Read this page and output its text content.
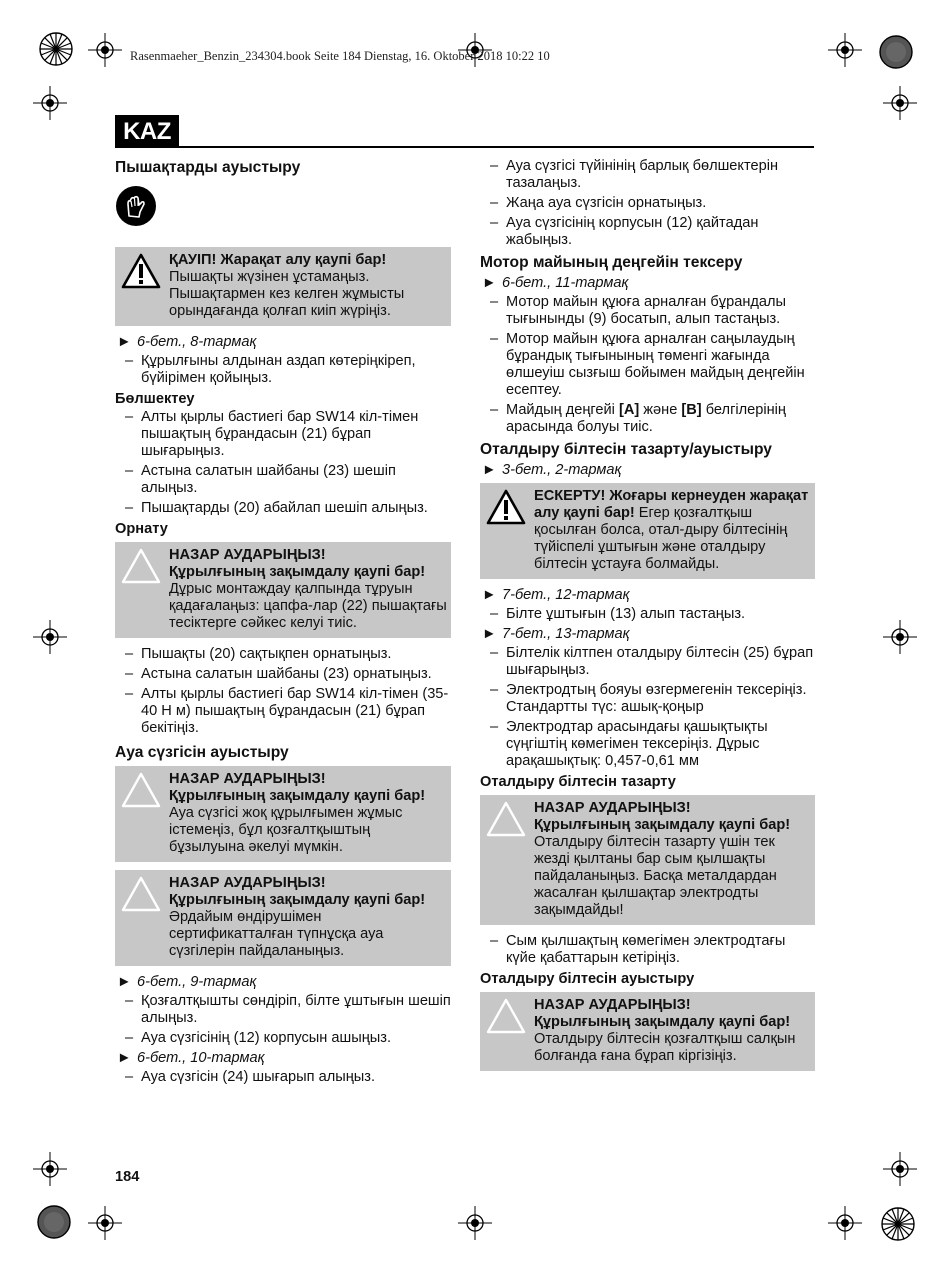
Rasenmaeher_Benzin_234304.book Seite 184 Dienstag, 16. Oktober 2018 10:22 10
KAZ
Пышақтарды ауыстыру
ҚАУІП! Жарақат алу қаупі бар!
Пышақты жүзінен ұстамаңыз. Пышақтармен кез келген жұмысты орындағанда қолғап киіп жүріңіз.
► 6-бет., 8-тармақ
– Құрылғыны алдынан аздап көтеріңкіреп, бүйірімен қойыңыз.
Бөлшектеу
– Алты қырлы бастиегі бар SW14 кіл-тімен пышақтың бұрандасын (21) бұрап шығарыңыз.
– Астына салатын шайбаны (23) шешіп алыңыз.
– Пышақтарды (20) абайлап шешіп алыңыз.
Орнату
НАЗАР АУДАРЫҢЫЗ!
Құрылғының зақымдалу қаупі бар! Дұрыс монтаждау қалпында тұруын қадағалаңыз: цапфа-лар (22) пышақтағы тесіктерге сәйкес келуі тиіс.
– Пышақты (20) сақтықпен орнатыңыз.
– Астына салатын шайбаны (23) орнатыңыз.
– Алты қырлы бастиегі бар SW14 кіл-тімен (35-40 Н м) пышақтың бұрандасын (21) бұрап бекітіңіз.
Ауа сүзгісін ауыстыру
НАЗАР АУДАРЫҢЫЗ!
Құрылғының зақымдалу қаупі бар! Ауа сүзгісі жоқ құрылғымен жұмыс істемеңіз, бұл қозғалтқыштың бұзылуына әкелуі мүмкін.
НАЗАР АУДАРЫҢЫЗ!
Құрылғының зақымдалу қаупі бар! Әрдайым өндірушімен сертификатталған түпнұсқа ауа сүзгілерін пайдаланыңыз.
► 6-бет., 9-тармақ
– Қозғалтқышты сөндіріп, білте ұштығын шешіп алыңыз.
– Ауа сүзгісінің (12) корпусын ашыңыз.
► 6-бет., 10-тармақ
– Ауа сүзгісін (24) шығарып алыңыз.
– Ауа сүзгісі түйінінің барлық бөлшектерін тазалаңыз.
– Жаңа ауа сүзгісін орнатыңыз.
– Ауа сүзгісінің корпусын (12) қайтадан жабыңыз.
Мотор майының деңгейін тексеру
► 6-бет., 11-тармақ
– Мотор майын құюға арналған бұрандалы тығынынды (9) босатып, алып тастаңыз.
– Мотор майын құюға арналған саңылаудың бұрандық тығынының төменгі жағында өлшеуіш сызғыш бойымен майдың деңгейін есептеу.
– Майдың деңгейі [A] және [B] белгілерінің арасында болуы тиіс.
Оталдыру білтесін тазарту/ауыстыру
► 3-бет., 2-тармақ
ЕСКЕРТУ! Жоғары кернеуден жарақат алу қаупі бар! Егер қозғалтқыш қосылған болса, отал-дыру білтесінің түйіспелі ұштығын және оталдыру білтесін ұстауға болмайды.
► 7-бет., 12-тармақ
– Білте ұштығын (13) алып тастаңыз.
► 7-бет., 13-тармақ
– Білтелік кілтпен оталдыру білтесін (25) бұрап шығарыңыз.
– Электродтың бояуы өзгермегенін тексеріңіз. Стандартты түс: ашық-қоңыр
– Электродтар арасындағы қашықтықты сүңгіштің көмегімен тексеріңіз. Дұрыс арақашықтық: 0,457-0,61 мм
Оталдыру білтесін тазарту
НАЗАР АУДАРЫҢЫЗ!
Құрылғының зақымдалу қаупі бар! Оталдыру білтесін тазарту үшін тек жезді қылтаны бар сым қылшақты пайдаланыңыз. Басқа металдардан жасалған қылшақтар электродты зақымдайды!
– Сым қылшақтың көмегімен электродтағы күйе қабаттарын кетіріңіз.
Оталдыру білтесін ауыстыру
НАЗАР АУДАРЫҢЫЗ!
Құрылғының зақымдалу қаупі бар! Оталдыру білтесін қозғалтқыш салқын болғанда ғана бұрап кіргізіңіз.
184
